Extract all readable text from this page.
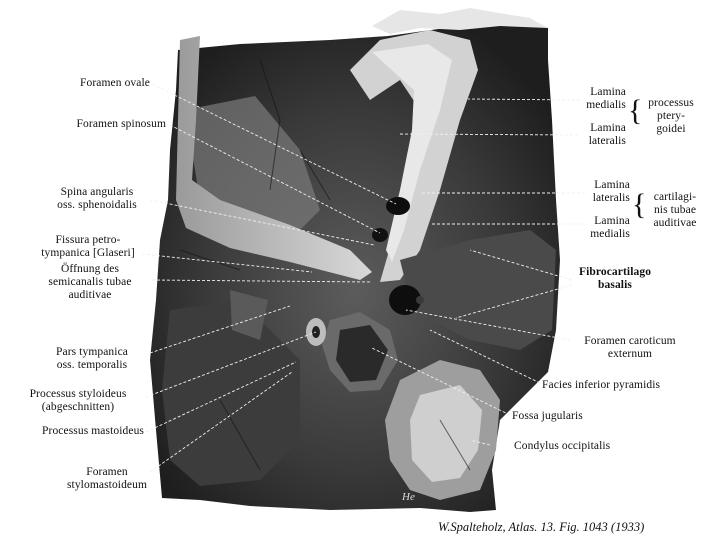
He
Foramen ovale
Foramen spinosum
Spina angularis
oss. sphenoidalis
Fissura petro-
tympanica [Glaseri]
Öffnung des
semicanalis tubae
auditivae
Pars tympanica
oss. temporalis
Processus styloideus
(abgeschnitten)
Processus mastoideus
Foramen
stylomastoideum
Lamina
medialis
Lamina
lateralis
{ processus
ptery-
goidei
Lamina
lateralis
Lamina
medialis
{ cartilagi-
nis tubae
auditivae
Fibrocartilago
basalis
Foramen caroticum
externum
Facies inferior pyramidis
Fossa jugularis
Condylus occipitalis
W.Spalteholz, Atlas. 13. Fig. 1043 (1933)
